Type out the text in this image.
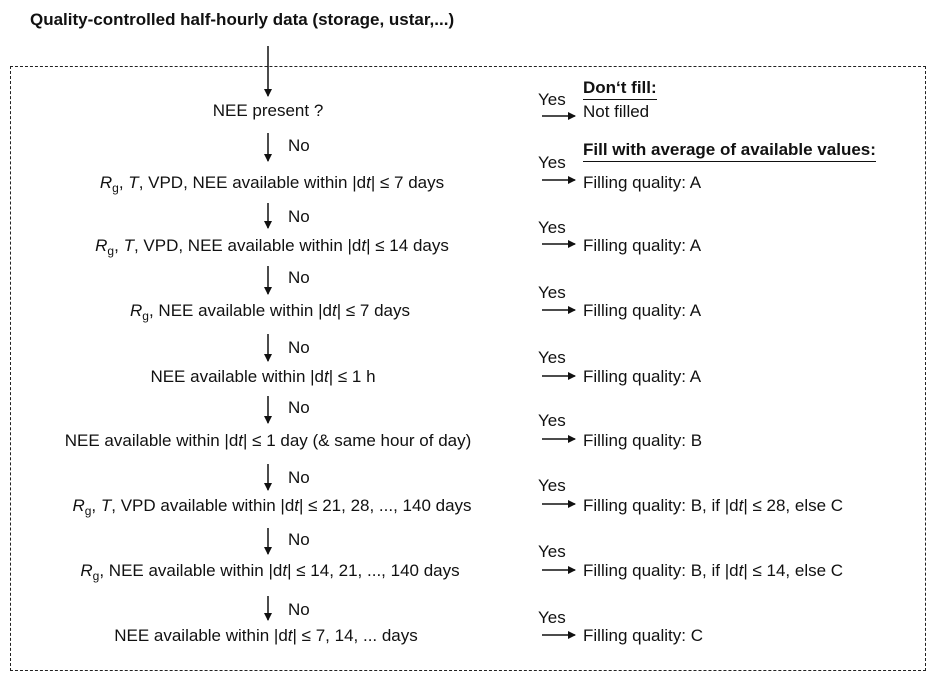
Quality-controlled half-hourly data (storage, ustar,...)
NEE present ?
$R_g$, T, VPD, NEE available within |dt| ≤ 7 days
$R_g$, T, VPD, NEE available within |dt| ≤ 14 days
$R_g$, NEE available within |dt| ≤ 7 days
NEE available within |dt| ≤ 1 h
NEE available within |dt| ≤ 1 day (& same hour of day)
$R_g$, T, VPD available within |dt| ≤ 21, 28, ..., 140 days
$R_g$, NEE available within |dt| ≤ 14, 21, ..., 140 days
NEE available within |dt| ≤ 7, 14, ... days
No
No
No
No
No
No
No
No
Yes
Yes
Yes
Yes
Yes
Yes
Yes
Yes
Yes
Don‘t fill:
Fill with average of available values:
Not filled
Filling quality: A
Filling quality: A
Filling quality: A
Filling quality: A
Filling quality: B
Filling quality: B, if |dt| ≤ 28, else C
Filling quality: B, if |dt| ≤ 14, else C
Filling quality: C
